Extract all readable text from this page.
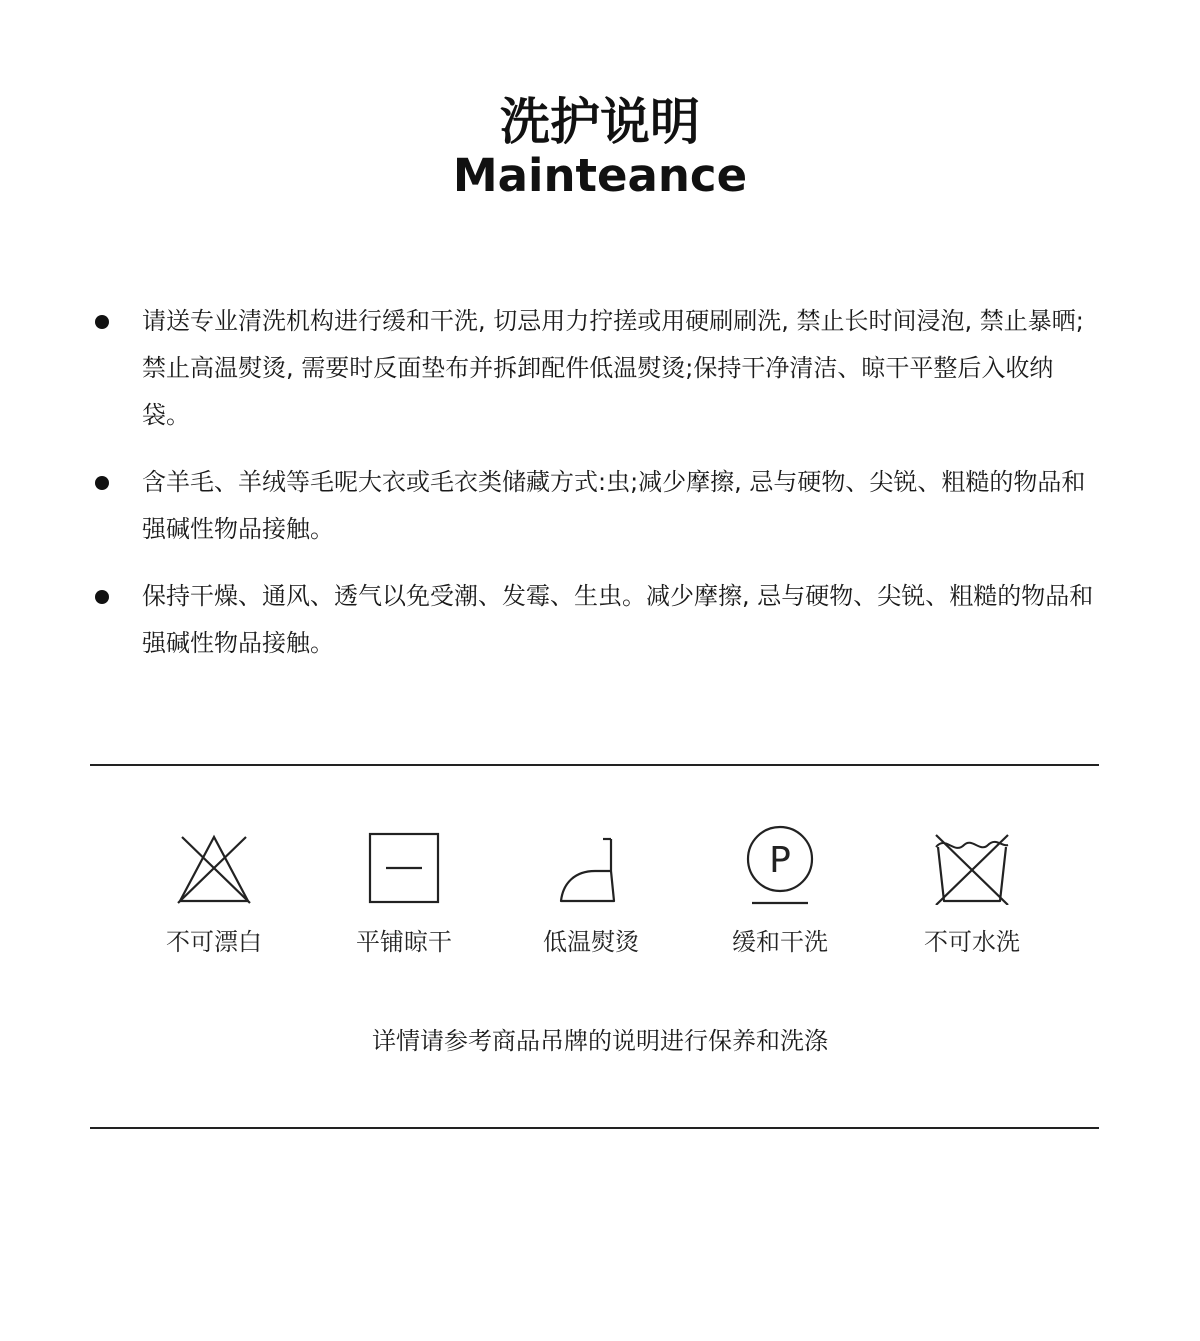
洗护说明
Mainteance
请送专业清洗机构进行缓和干洗, 切忌用力拧搓或用硬刷刷洗, 禁止长时间浸泡, 禁止暴晒;禁止高温熨烫, 需要时反面垫布并拆卸配件低温熨烫;保持干净清洁、晾干平整后入收纳袋。
含羊毛、羊绒等毛呢大衣或毛衣类储藏方式:虫;减少摩擦, 忌与硬物、尖锐、粗糙的物品和强碱性物品接触。
保持干燥、通风、透气以免受潮、发霉、生虫。减少摩擦, 忌与硬物、尖锐、粗糙的物品和强碱性物品接触。
不可漂白	平铺晾干	低温熨烫
P
缓和干洗	不可水洗
详情请参考商品吊牌的说明进行保养和洗涤
